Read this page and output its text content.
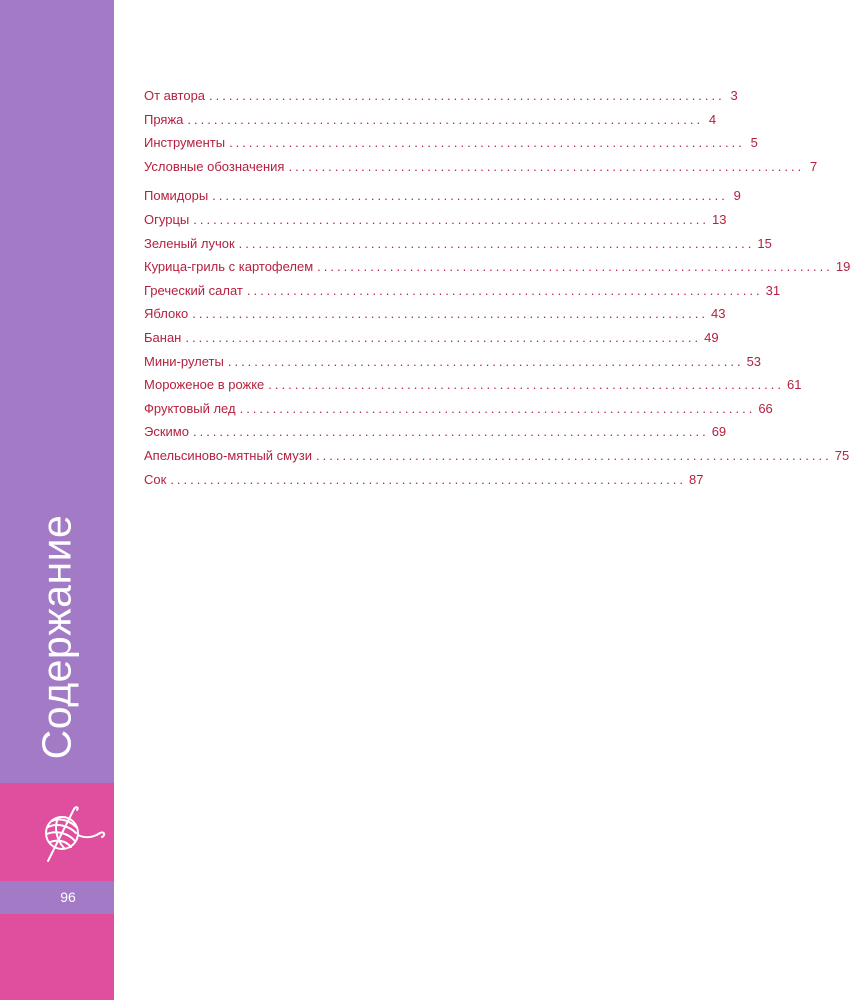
Содержание
96
От автора .............................................................................. 3
Пряжа .............................................................................. 4
Инструменты .............................................................................. 5
Условные обозначения .............................................................................. 7
Помидоры .............................................................................. 9
Огурцы .............................................................................. 13
Зеленый лучок .............................................................................. 15
Курица-гриль с картофелем .............................................................................. 19
Греческий салат .............................................................................. 31
Яблоко .............................................................................. 43
Банан .............................................................................. 49
Мини-рулеты .............................................................................. 53
Мороженое в рожке .............................................................................. 61
Фруктовый лед .............................................................................. 66
Эскимо .............................................................................. 69
Апельсиново-мятный смузи .............................................................................. 75
Сок .............................................................................. 87
